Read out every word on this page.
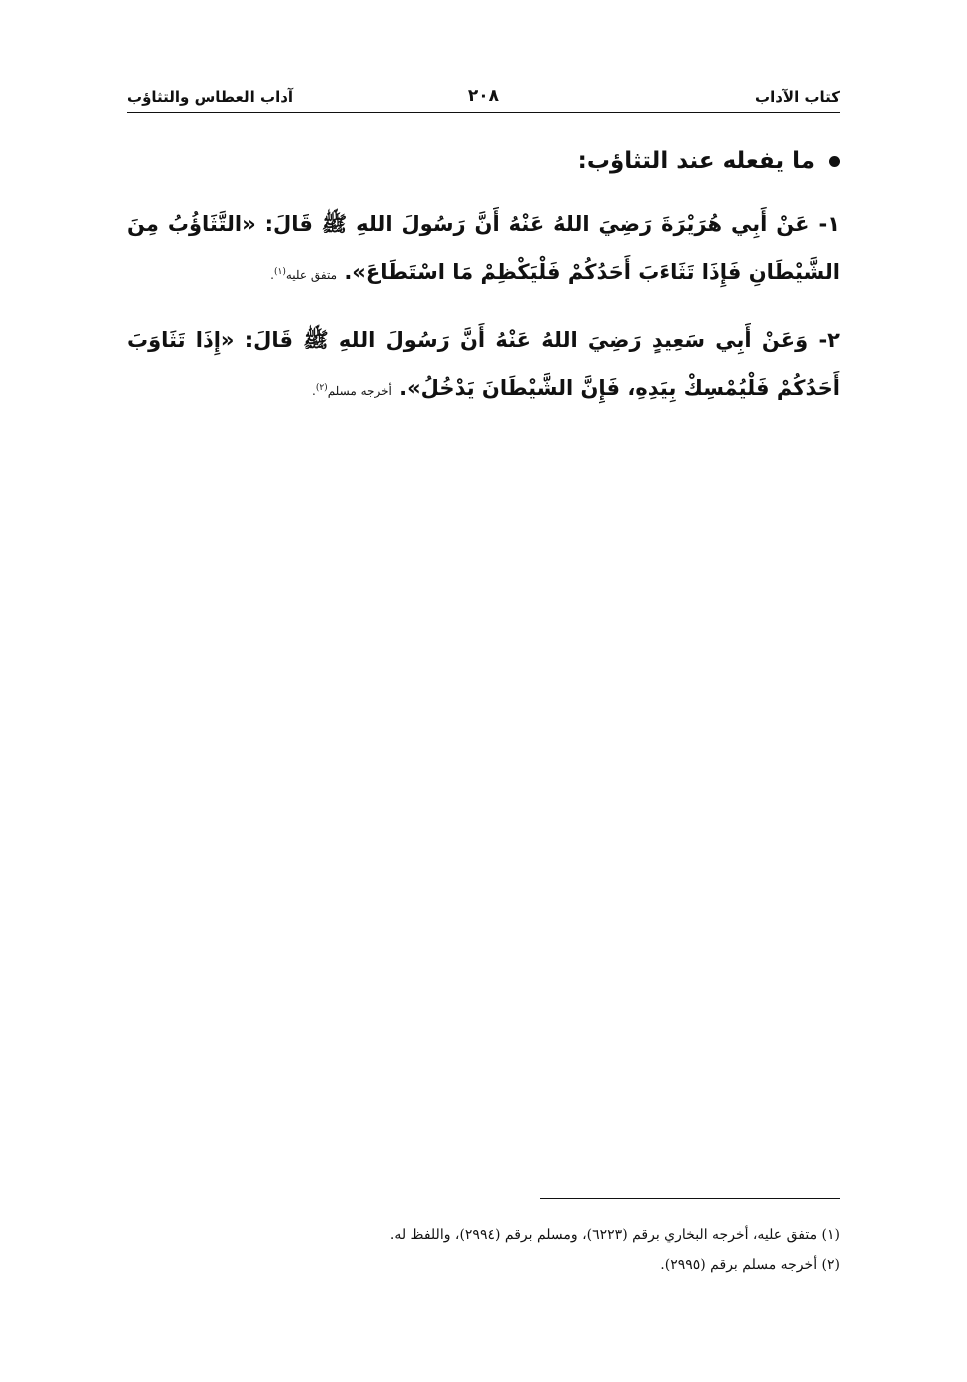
كتاب الآداب
٢٠٨
آداب العطاس والتثاؤب
ما يفعله عند التثاؤب:

١- عَنْ أَبِي هُرَيْرَةَ رَضِيَ اللهُ عَنْهُ أَنَّ رَسُولَ اللهِ ﷺ قَالَ: «التَّثَاؤُبُ مِنَ الشَّيْطَانِ فَإِذَا تَثَاءَبَ أَحَدُكُمْ فَلْيَكْظِمْ مَا اسْتَطَاعَ». متفق عليه$^{(١)}$.

٢- وَعَنْ أَبِي سَعِيدٍ رَضِيَ اللهُ عَنْهُ أَنَّ رَسُولَ اللهِ ﷺ قَالَ: «إِذَا تَثَاوَبَ أَحَدُكُمْ فَلْيُمْسِكْ بِيَدِهِ، فَإِنَّ الشَّيْطَانَ يَدْخُلُ». أخرجه مسلم$^{(٢)}$.

(١) متفق عليه، أخرجه البخاري برقم (٦٢٢٣)، ومسلم برقم (٢٩٩٤)، واللفظ له.
(٢) أخرجه مسلم برقم (٢٩٩٥).
